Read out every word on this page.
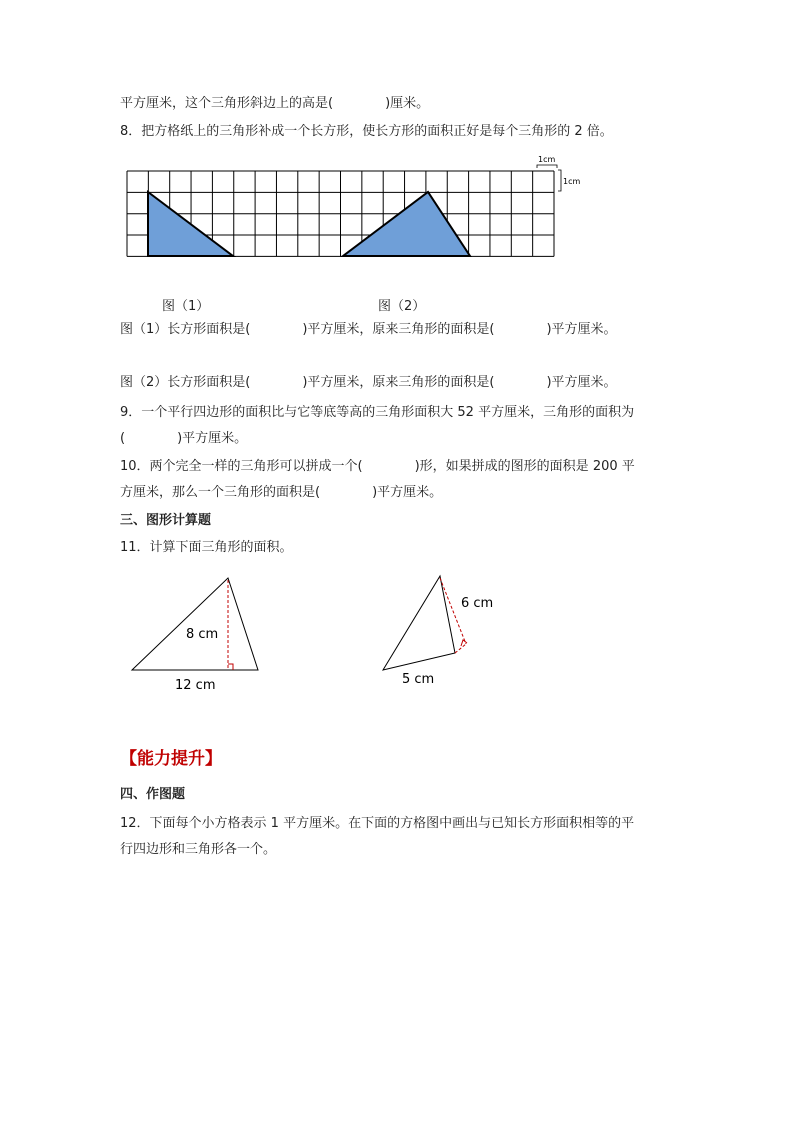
平方厘米，这个三角形斜边上的高是(　　　　)厘米。
8．把方格纸上的三角形补成一个长方形，使长方形的面积正好是每个三角形的 2 倍。
1cm
1cm
图（1）	图（2）
图（1）长方形面积是(　　　　)平方厘米，原来三角形的面积是(　　　　)平方厘米。
图（2）长方形面积是(　　　　)平方厘米，原来三角形的面积是(　　　　)平方厘米。
9．一个平行四边形的面积比与它等底等高的三角形面积大 52 平方厘米，三角形的面积为
(　　　　)平方厘米。
10．两个完全一样的三角形可以拼成一个(　　　　)形，如果拼成的图形的面积是 200 平
方厘米，那么一个三角形的面积是(　　　　)平方厘米。
三、图形计算题
11．计算下面三角形的面积。
8 cm
12 cm
6 cm
5 cm
【能力提升】
四、作图题
12．下面每个小方格表示 1 平方厘米。在下面的方格图中画出与已知长方形面积相等的平
行四边形和三角形各一个。
